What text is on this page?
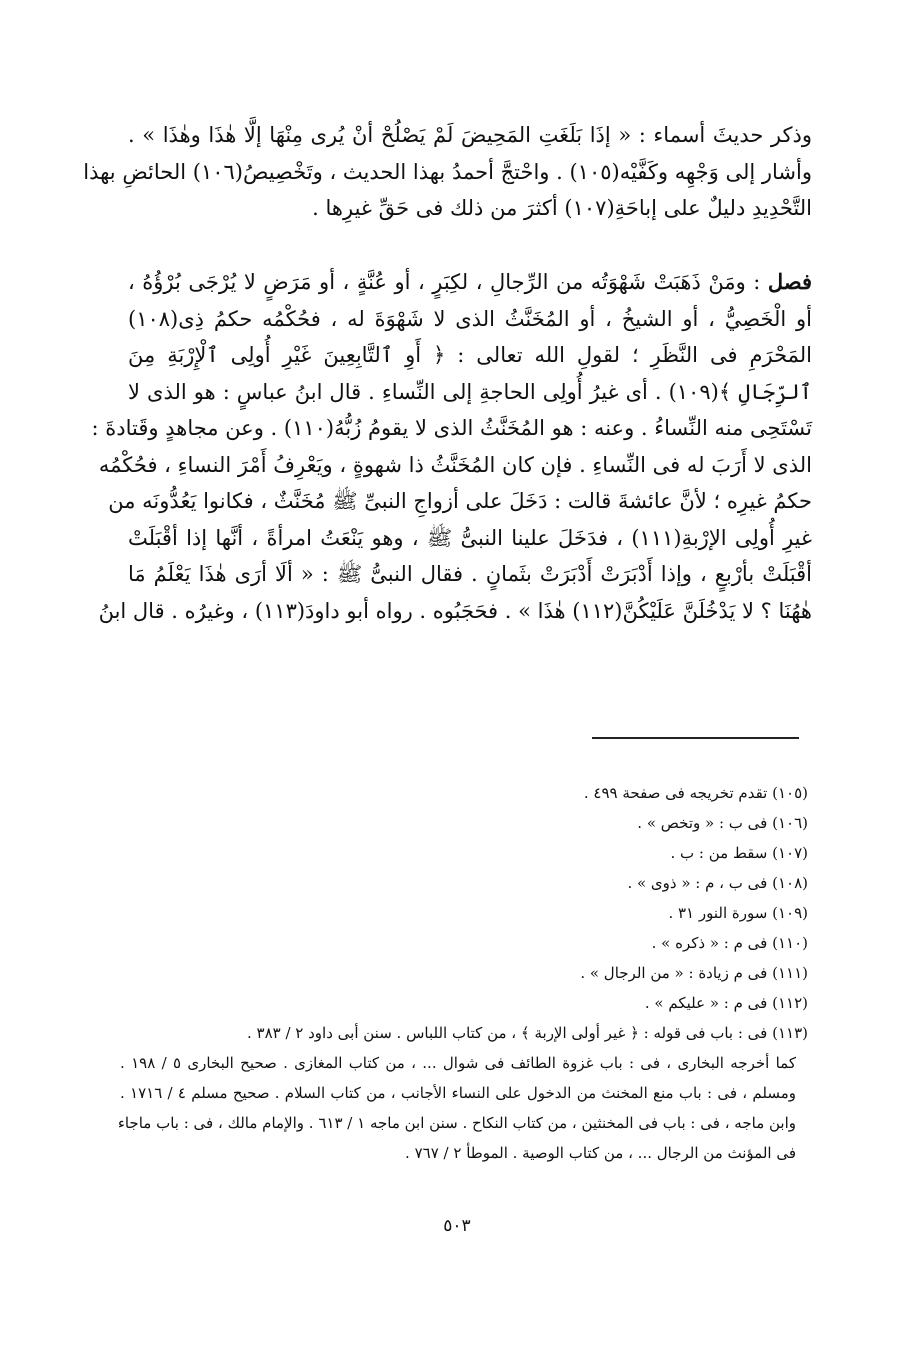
وذكر حديثَ أسماء : « إذَا بَلَغَتِ المَحِيضَ لَمْ يَصْلُحْ أنْ يُرى مِنْهَا إلَّا هٰذَا وهٰذَا » .
وأشار إلى وَجْهِه وكَفَّيْه(١٠٥) . واحْتجَّ أحمدُ بهذا الحديث ، وتَخْصِيصُ(١٠٦) الحائضِ بهذا
التَّحْدِيدِ دليلٌ على إباحَةِ(١٠٧) أكثرَ من ذلك فى حَقِّ غيرِها .
فصل : ومَنْ ذَهَبَتْ شَهْوَتُه من الرِّجالِ ، لكِبَرٍ ، أو عُنَّةٍ ، أو مَرَضٍ لا يُرْجَى بُرْؤُهُ ،
أو الْخَصِيُّ ، أو الشيخُ ، أو المُخَنَّثُ الذى لا شَهْوَةَ له ، فحُكْمُه حكمُ ذِى(١٠٨)
المَحْرَمِ فى النَّظَرِ ؛ لقولِ الله تعالى : ﴿ أَوِ ٱلتَّابِعِينَ غَيْرِ أُولِى ٱلْإِرْبَةِ مِنَ
ٱلرِّجَالِ ﴾(١٠٩) . أى غيرُ أُولِى الحاجةِ إلى النِّساءِ . قال ابنُ عباسٍ : هو الذى لا
تَسْتَحِى منه النِّساءُ . وعنه : هو المُخَنَّثُ الذى لا يقومُ زُبُّهُ(١١٠) . وعن مجاهدٍ وقَتادةَ :
الذى لا أَرَبَ له فى النِّساءِ . فإن كان المُخَنَّثُ ذا شهوةٍ ، ويَعْرِفُ أَمْرَ النساءِ ، فحُكْمُه
حكمُ غيرِه ؛ لأنَّ عائشةَ قالت : دَخَلَ على أزواجِ النبىِّ ﷺ مُخَنَّثٌ ، فكانوا يَعُدُّونَه من
غيرِ أُولِى الإرْبةِ(١١١) ، فدَخَلَ علينا النبىُّ ﷺ ، وهو يَنْعَتُ امرأةً ، أنَّها إذا أقْبَلَتْ
أقْبَلَتْ بأرْبعٍ ، وإذا أَدْبَرَتْ أَدْبَرَتْ بثَمانٍ . فقال النبىُّ ﷺ : « ألَا أرَى هٰذَا يَعْلَمُ مَا
هٰهُنَا ؟ لا يَدْخُلَنَّ عَلَيْكُنَّ(١١٢) هٰذَا » . فحَجَبُوه . رواه أبو داودَ(١١٣) ، وغيرُه . قال ابنُ
(١٠٥) تقدم تخريجه فى صفحة ٤٩٩ .
(١٠٦) فى ب : « وتخص » .
(١٠٧) سقط من : ب .
(١٠٨) فى ب ، م : « ذوى » .
(١٠٩) سورة النور ٣١ .
(١١٠) فى م : « ذكره » .
(١١١) فى م زيادة : « من الرجال » .
(١١٢) فى م : « عليكم » .
(١١٣) فى : باب فى قوله : ﴿ غير أولى الإربة ﴾ ، من كتاب اللباس . سنن أبى داود ٢ / ٣٨٣ .
كما أخرجه البخارى ، فى : باب غزوة الطائف فى شوال ... ، من كتاب المغازى . صحيح البخارى ٥ / ١٩٨ .
ومسلم ، فى : باب منع المخنث من الدخول على النساء الأجانب ، من كتاب السلام . صحيح مسلم ٤ / ١٧١٦ .
وابن ماجه ، فى : باب فى المخنثين ، من كتاب النكاح . سنن ابن ماجه ١ / ٦١٣ . والإمام مالك ، فى : باب ماجاء
فى المؤنث من الرجال ... ، من كتاب الوصية . الموطأ ٢ / ٧٦٧ .
٥٠٣
